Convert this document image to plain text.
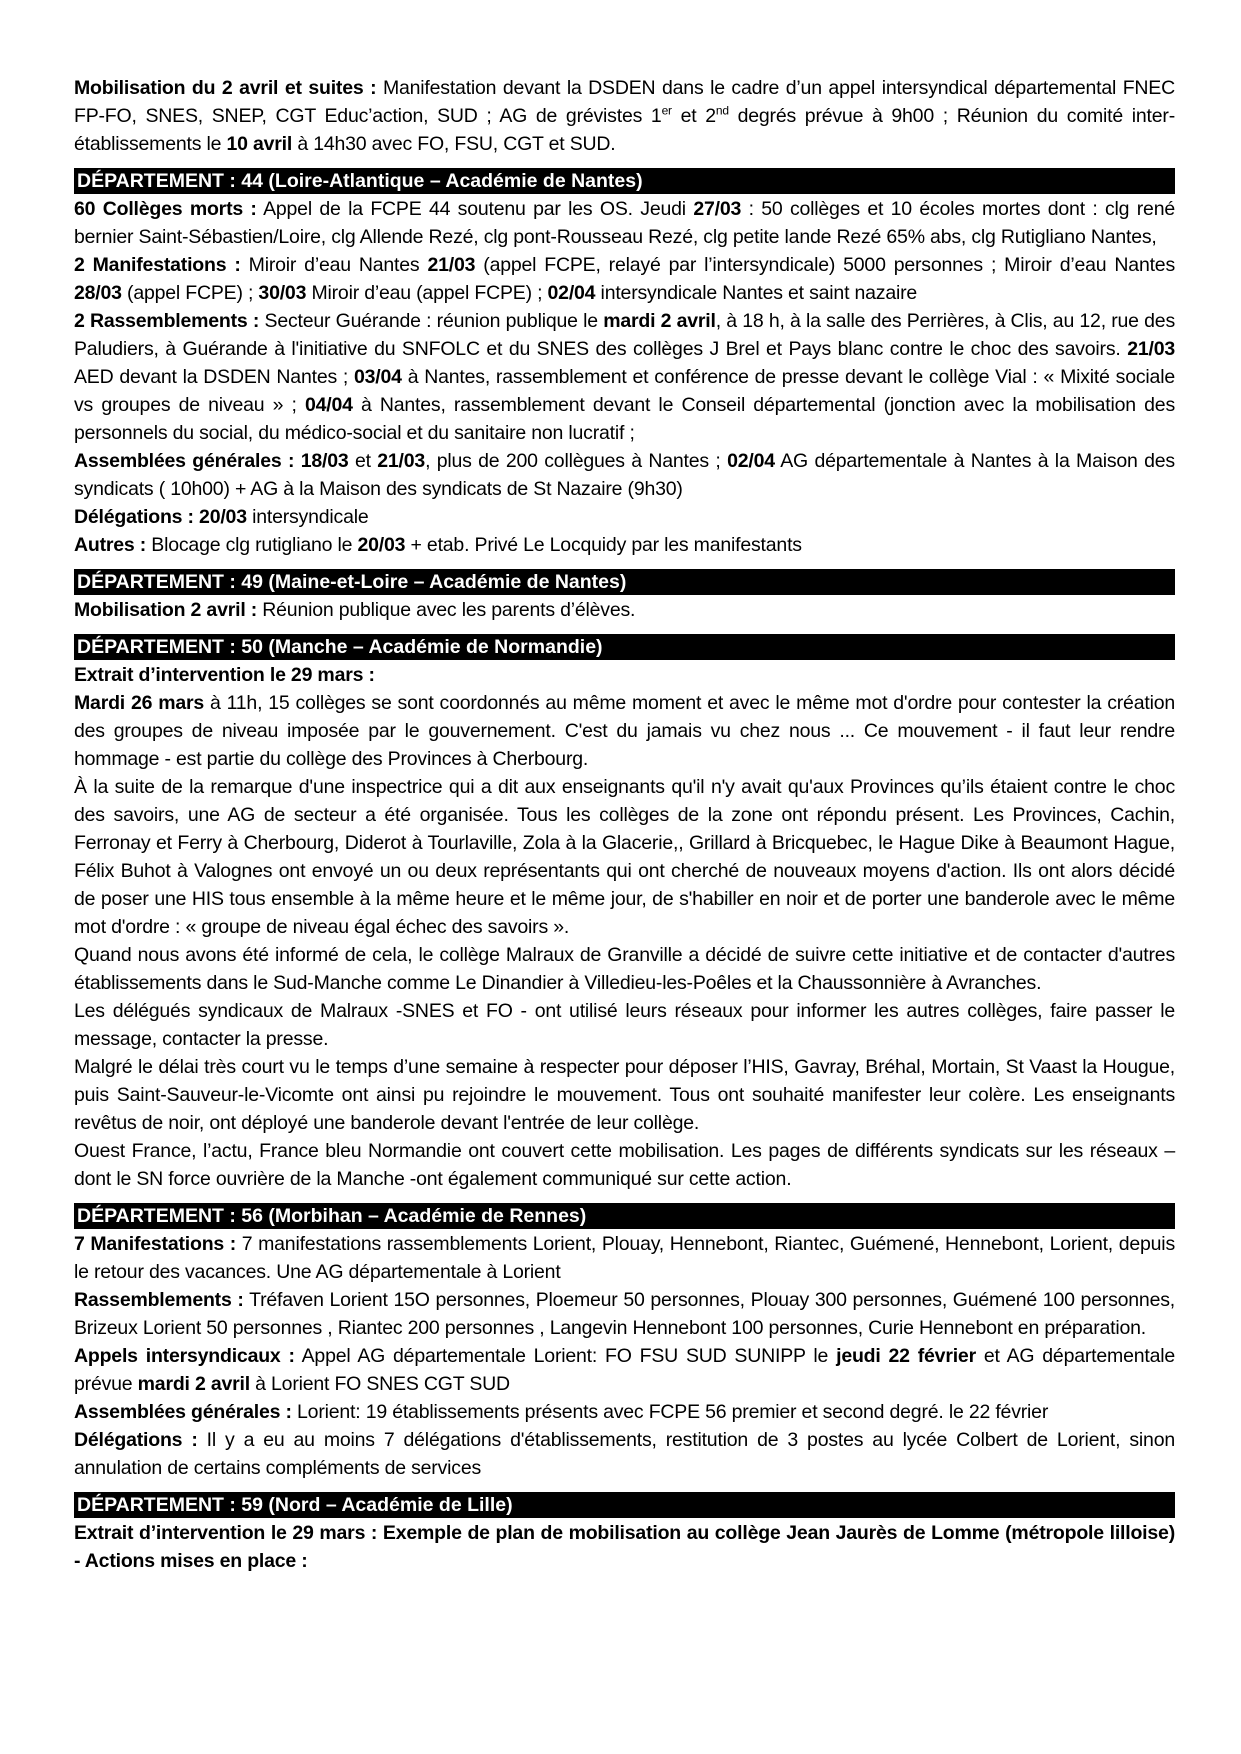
Mobilisation du 2 avril et suites : Manifestation devant la DSDEN dans le cadre d’un appel intersyndical départemental FNEC FP-FO, SNES, SNEP, CGT Educ’action, SUD ; AG de grévistes 1er et 2nd degrés prévue à 9h00 ; Réunion du comité inter-établissements le 10 avril à 14h30 avec FO, FSU, CGT et SUD.

DÉPARTEMENT : 44 (Loire-Atlantique – Académie de Nantes)

60 Collèges morts : Appel de la FCPE 44 soutenu par les OS. Jeudi 27/03 : 50 collèges et 10 écoles mortes dont : clg rené bernier Saint-Sébastien/Loire, clg Allende Rezé, clg pont-Rousseau Rezé, clg petite lande Rezé 65% abs, clg Rutigliano Nantes,

2 Manifestations : Miroir d’eau Nantes 21/03 (appel FCPE, relayé par l’intersyndicale) 5000 personnes ; Miroir d’eau Nantes 28/03 (appel FCPE) ; 30/03 Miroir d’eau (appel FCPE) ; 02/04 intersyndicale Nantes et saint nazaire

2 Rassemblements : Secteur Guérande : réunion publique le mardi 2 avril, à 18 h, à la salle des Perrières, à Clis, au 12, rue des Paludiers, à Guérande à l'initiative du SNFOLC et du SNES des collèges J Brel et Pays blanc contre le choc des savoirs. 21/03 AED devant la DSDEN Nantes ; 03/04 à Nantes, rassemblement et conférence de presse devant le collège Vial : « Mixité sociale vs groupes de niveau » ; 04/04 à Nantes, rassemblement devant le Conseil départemental (jonction avec la mobilisation des personnels du social, du médico-social et du sanitaire non lucratif ;

Assemblées générales : 18/03 et 21/03, plus de 200 collègues à Nantes ; 02/04 AG départementale à Nantes à la Maison des syndicats ( 10h00) + AG à la Maison des syndicats de St Nazaire (9h30)

Délégations : 20/03 intersyndicale

Autres : Blocage clg rutigliano le 20/03 + etab. Privé Le Locquidy par les manifestants

DÉPARTEMENT : 49 (Maine-et-Loire – Académie de Nantes)

Mobilisation 2 avril : Réunion publique avec les parents d’élèves.

DÉPARTEMENT : 50 (Manche – Académie de Normandie)

Extrait d’intervention le 29 mars :

Mardi 26 mars à 11h, 15 collèges se sont coordonnés au même moment et avec le même mot d'ordre pour contester la création des groupes de niveau imposée par le gouvernement. C'est du jamais vu chez nous ... Ce mouvement - il faut leur rendre hommage - est partie du collège des Provinces à Cherbourg.

À la suite de la remarque d'une inspectrice qui a dit aux enseignants qu'il n'y avait qu'aux Provinces qu’ils étaient contre le choc des savoirs, une AG de secteur a été organisée. Tous les collèges de la zone ont répondu présent. Les Provinces, Cachin, Ferronay et Ferry à Cherbourg, Diderot à Tourlaville, Zola à la Glacerie,, Grillard à Bricquebec, le Hague Dike à Beaumont Hague, Félix Buhot à Valognes ont envoyé un ou deux représentants qui ont cherché de nouveaux moyens d'action. Ils ont alors décidé de poser une HIS tous ensemble à la même heure et le même jour, de s'habiller en noir et de porter une banderole avec le même mot d'ordre : « groupe de niveau égal échec des savoirs ».

Quand nous avons été informé de cela, le collège Malraux de Granville a décidé de suivre cette initiative et de contacter d'autres établissements dans le Sud-Manche comme Le Dinandier à Villedieu-les-Poêles et la Chaussonnière à Avranches.

Les délégués syndicaux de Malraux -SNES et FO - ont utilisé leurs réseaux pour informer les autres collèges, faire passer le message, contacter la presse.

Malgré le délai très court vu le temps d’une semaine à respecter pour déposer l’HIS, Gavray, Bréhal, Mortain, St Vaast la Hougue, puis Saint-Sauveur-le-Vicomte ont ainsi pu rejoindre le mouvement. Tous ont souhaité manifester leur colère. Les enseignants revêtus de noir, ont déployé une banderole devant l'entrée de leur collège.

Ouest France, l’actu, France bleu Normandie ont couvert cette mobilisation. Les pages de différents syndicats sur les réseaux – dont le SN force ouvrière de la Manche -ont également communiqué sur cette action.

DÉPARTEMENT : 56 (Morbihan – Académie de Rennes)

7 Manifestations : 7 manifestations rassemblements Lorient, Plouay, Hennebont, Riantec, Guémené, Hennebont, Lorient, depuis le retour des vacances. Une AG départementale à Lorient

Rassemblements : Tréfaven Lorient 15O personnes, Ploemeur 50 personnes, Plouay 300 personnes, Guémené 100 personnes, Brizeux Lorient 50 personnes , Riantec 200 personnes , Langevin Hennebont 100 personnes, Curie Hennebont en préparation.

Appels intersyndicaux : Appel AG départementale Lorient: FO FSU SUD SUNIPP le jeudi 22 février et AG départementale prévue mardi 2 avril à Lorient FO SNES CGT SUD

Assemblées générales : Lorient: 19 établissements présents avec FCPE 56 premier et second degré. le 22 février

Délégations : Il y a eu au moins 7 délégations d'établissements, restitution de 3 postes au lycée Colbert de Lorient, sinon annulation de certains compléments de services

DÉPARTEMENT : 59 (Nord – Académie de Lille)

Extrait d’intervention le 29 mars : Exemple de plan de mobilisation au collège Jean Jaurès de Lomme (métropole lilloise) - Actions mises en place :
